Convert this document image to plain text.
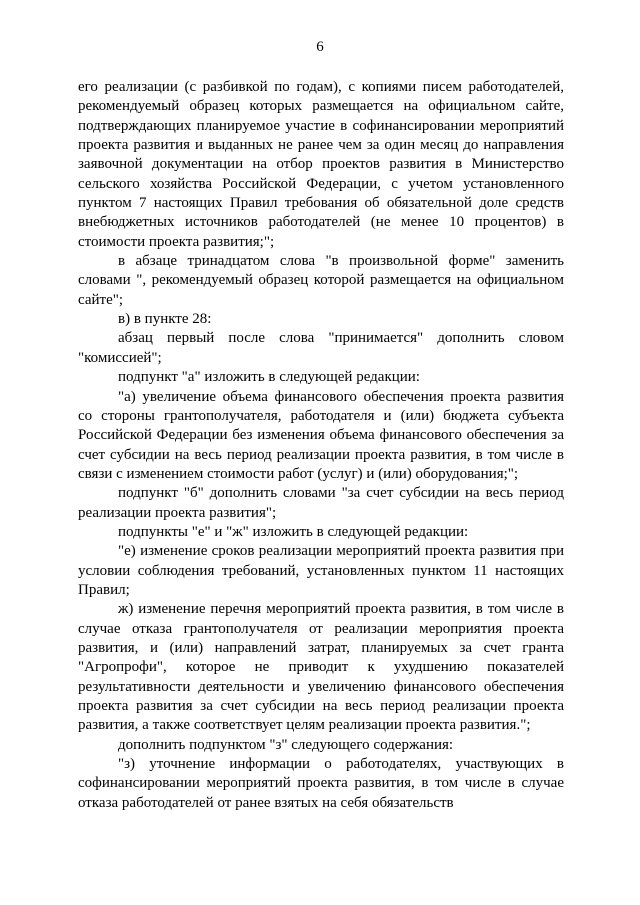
6

его реализации (с разбивкой по годам), с копиями писем работодателей, рекомендуемый образец которых размещается на официальном сайте, подтверждающих планируемое участие в софинансировании мероприятий проекта развития и выданных не ранее чем за один месяц до направления заявочной документации на отбор проектов развития в Министерство сельского хозяйства Российской Федерации, с учетом установленного пунктом 7 настоящих Правил требования об обязательной доле средств внебюджетных источников работодателей (не менее 10 процентов) в стоимости проекта развития;";

в абзаце тринадцатом слова "в произвольной форме" заменить словами ", рекомендуемый образец которой размещается на официальном сайте";

в) в пункте 28:

абзац первый после слова "принимается" дополнить словом "комиссией";

подпункт "а" изложить в следующей редакции:

"а) увеличение объема финансового обеспечения проекта развития со стороны грантополучателя, работодателя и (или) бюджета субъекта Российской Федерации без изменения объема финансового обеспечения за счет субсидии на весь период реализации проекта развития, в том числе в связи с изменением стоимости работ (услуг) и (или) оборудования;";

подпункт "б" дополнить словами "за счет субсидии на весь период реализации проекта развития";

подпункты "е" и "ж" изложить в следующей редакции:

"е) изменение сроков реализации мероприятий проекта развития при условии соблюдения требований, установленных пунктом 11 настоящих Правил;

ж) изменение перечня мероприятий проекта развития, в том числе в случае отказа грантополучателя от реализации мероприятия проекта развития, и (или) направлений затрат, планируемых за счет гранта "Агропрофи", которое не приводит к ухудшению показателей результативности деятельности и увеличению финансового обеспечения проекта развития за счет субсидии на весь период реализации проекта развития, а также соответствует целям реализации проекта развития.";

дополнить подпунктом "з" следующего содержания:

"з) уточнение информации о работодателях, участвующих в софинансировании мероприятий проекта развития, в том числе в случае отказа работодателей от ранее взятых на себя обязательств
